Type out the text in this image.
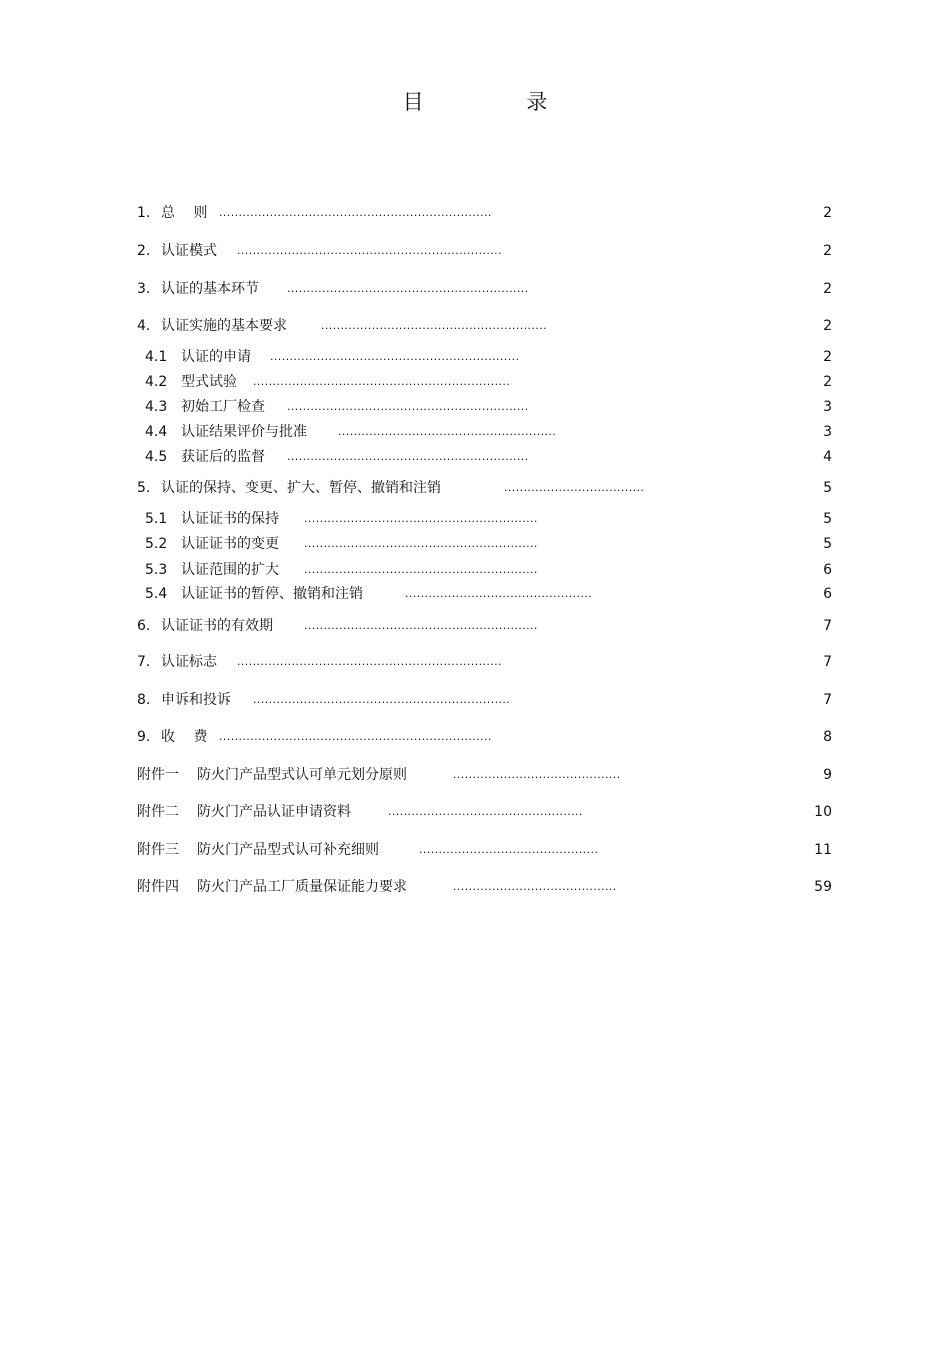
目 录
1. 总　 则 ......................................................................	2
2. 认证模式 ....................................................................	2
3. 认证的基本环节	..............................................................	2
4. 认证实施的基本要求	..........................................................	2
4.1 认证的申请 ................................................................	2
4.2 型式试验 ..................................................................	2
4.3 初始工厂检查 ..............................................................	3
4.4 认证结果评价与批准	........................................................	3
4.5 获证后的监督 ..............................................................	4
5. 认证的保持、变更、扩大、暂停、撤销和注销	....................................	5
5.1 认证证书的保持 ............................................................	5
5.2 认证证书的变更 ............................................................	5
5.3 认证范围的扩大 ............................................................	6
5.4 认证证书的暂停、撤销和注销	................................................	6
6. 认证证书的有效期	............................................................	7
7. 认证标志 ....................................................................	7
8. 申诉和投诉 ..................................................................	7
9. 收　 费 ......................................................................	8
附件一 防火门产品型式认可单元划分原则	...........................................	9
附件二 防火门产品认证申请资料	..................................................	10
附件三 防火门产品型式认可补充细则	..............................................	11
附件四 防火门产品工厂质量保证能力要求	..........................................	59
